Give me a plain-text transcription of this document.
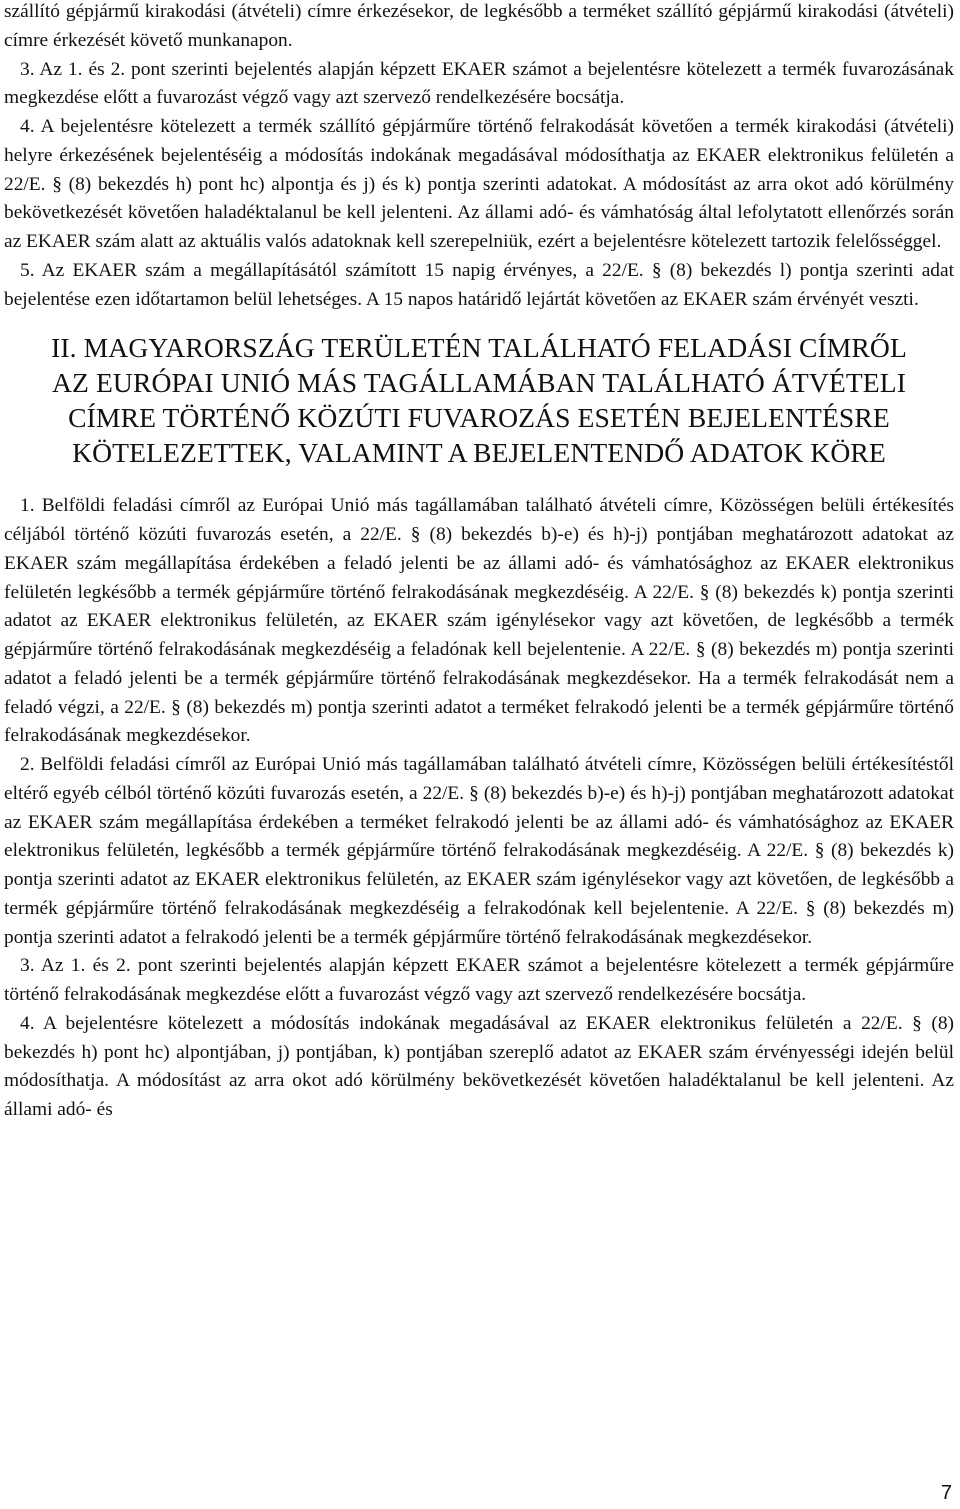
szállító gépjármű kirakodási (átvételi) címre érkezésekor, de legkésőbb a terméket szállító gépjármű kirakodási (átvételi) címre érkezését követő munkanapon.

3. Az 1. és 2. pont szerinti bejelentés alapján képzett EKAER számot a bejelentésre kötelezett a termék fuvarozásának megkezdése előtt a fuvarozást végző vagy azt szervező rendelkezésére bocsátja.

4. A bejelentésre kötelezett a termék szállító gépjárműre történő felrakodását követően a termék kirakodási (átvételi) helyre érkezésének bejelentéséig a módosítás indokának megadásával módosíthatja az EKAER elektronikus felületén a 22/E. § (8) bekezdés h) pont hc) alpontja és j) és k) pontja szerinti adatokat. A módosítást az arra okot adó körülmény bekövetkezését követően haladéktalanul be kell jelenteni. Az állami adó- és vámhatóság által lefolytatott ellenőrzés során az EKAER szám alatt az aktuális valós adatoknak kell szerepelniük, ezért a bejelentésre kötelezett tartozik felelősséggel.

5. Az EKAER szám a megállapításától számított 15 napig érvényes, a 22/E. § (8) bekezdés l) pontja szerinti adat bejelentése ezen időtartamon belül lehetséges. A 15 napos határidő lejártát követően az EKAER szám érvényét veszti.

II. MAGYARORSZÁG TERÜLETÉN TALÁLHATÓ FELADÁSI CÍMRŐL
AZ EURÓPAI UNIÓ MÁS TAGÁLLAMÁBAN TALÁLHATÓ ÁTVÉTELI
CÍMRE TÖRTÉNŐ KÖZÚTI FUVAROZÁS ESETÉN BEJELENTÉSRE
KÖTELEZETTEK, VALAMINT A BEJELENTENDŐ ADATOK KÖRE

1. Belföldi feladási címről az Európai Unió más tagállamában található átvételi címre, Közösségen belüli értékesítés céljából történő közúti fuvarozás esetén, a 22/E. § (8) bekezdés b)-e) és h)-j) pontjában meghatározott adatokat az EKAER szám megállapítása érdekében a feladó jelenti be az állami adó- és vámhatósághoz az EKAER elektronikus felületén legkésőbb a termék gépjárműre történő felrakodásának megkezdéséig. A 22/E. § (8) bekezdés k) pontja szerinti adatot az EKAER elektronikus felületén, az EKAER szám igénylésekor vagy azt követően, de legkésőbb a termék gépjárműre történő felrakodásának megkezdéséig a feladónak kell bejelentenie. A 22/E. § (8) bekezdés m) pontja szerinti adatot a feladó jelenti be a termék gépjárműre történő felrakodásának megkezdésekor. Ha a termék felrakodását nem a feladó végzi, a 22/E. § (8) bekezdés m) pontja szerinti adatot a terméket felrakodó jelenti be a termék gépjárműre történő felrakodásának megkezdésekor.

2. Belföldi feladási címről az Európai Unió más tagállamában található átvételi címre, Közösségen belüli értékesítéstől eltérő egyéb célból történő közúti fuvarozás esetén, a 22/E. § (8) bekezdés b)-e) és h)-j) pontjában meghatározott adatokat az EKAER szám megállapítása érdekében a terméket felrakodó jelenti be az állami adó- és vámhatósághoz az EKAER elektronikus felületén, legkésőbb a termék gépjárműre történő felrakodásának megkezdéséig. A 22/E. § (8) bekezdés k) pontja szerinti adatot az EKAER elektronikus felületén, az EKAER szám igénylésekor vagy azt követően, de legkésőbb a termék gépjárműre történő felrakodásának megkezdéséig a felrakodónak kell bejelentenie. A 22/E. § (8) bekezdés m) pontja szerinti adatot a felrakodó jelenti be a termék gépjárműre történő felrakodásának megkezdésekor.

3. Az 1. és 2. pont szerinti bejelentés alapján képzett EKAER számot a bejelentésre kötelezett a termék gépjárműre történő felrakodásának megkezdése előtt a fuvarozást végző vagy azt szervező rendelkezésére bocsátja.

4. A bejelentésre kötelezett a módosítás indokának megadásával az EKAER elektronikus felületén a 22/E. § (8) bekezdés h) pont hc) alpontjában, j) pontjában, k) pontjában szereplő adatot az EKAER szám érvényességi idején belül módosíthatja. A módosítást az arra okot adó körülmény bekövetkezését követően haladéktalanul be kell jelenteni. Az állami adó- és

7
